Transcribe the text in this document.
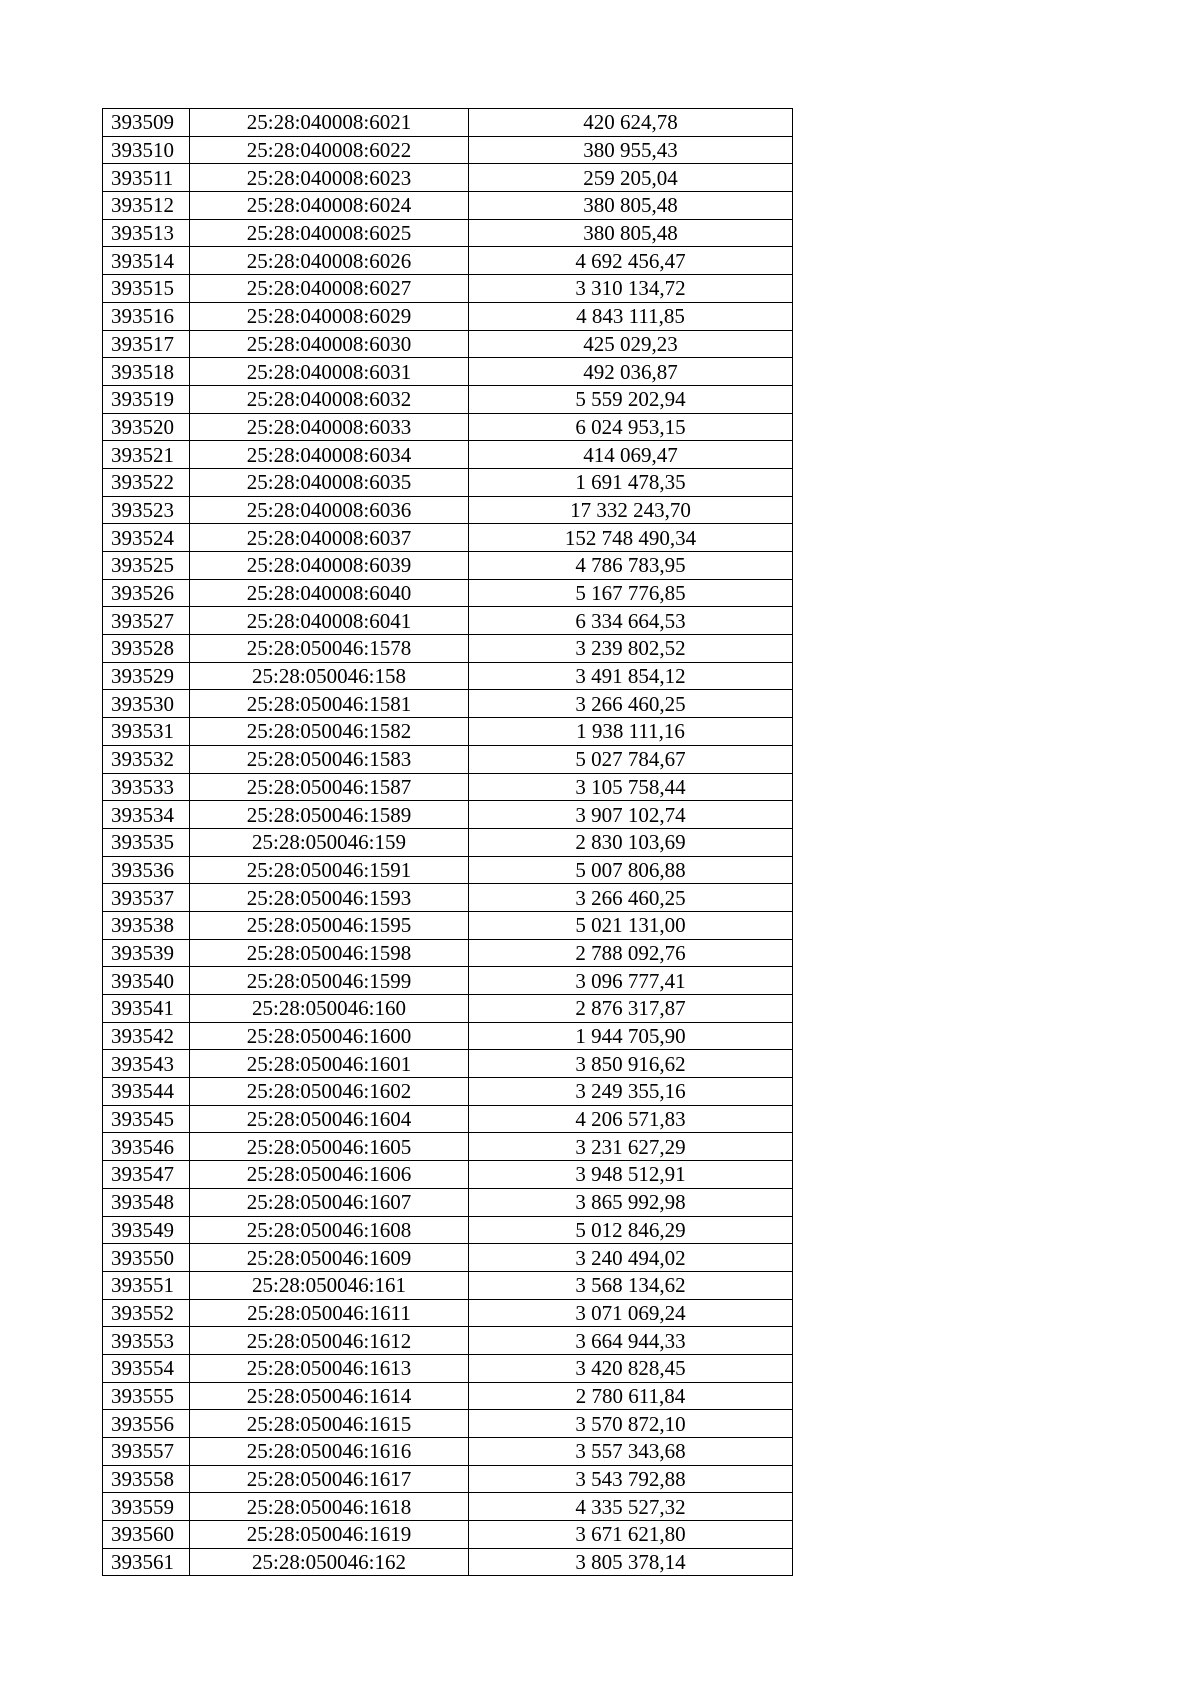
393509	25:28:040008:6021	420 624,78
393510	25:28:040008:6022	380 955,43
393511	25:28:040008:6023	259 205,04
393512	25:28:040008:6024	380 805,48
393513	25:28:040008:6025	380 805,48
393514	25:28:040008:6026	4 692 456,47
393515	25:28:040008:6027	3 310 134,72
393516	25:28:040008:6029	4 843 111,85
393517	25:28:040008:6030	425 029,23
393518	25:28:040008:6031	492 036,87
393519	25:28:040008:6032	5 559 202,94
393520	25:28:040008:6033	6 024 953,15
393521	25:28:040008:6034	414 069,47
393522	25:28:040008:6035	1 691 478,35
393523	25:28:040008:6036	17 332 243,70
393524	25:28:040008:6037	152 748 490,34
393525	25:28:040008:6039	4 786 783,95
393526	25:28:040008:6040	5 167 776,85
393527	25:28:040008:6041	6 334 664,53
393528	25:28:050046:1578	3 239 802,52
393529	25:28:050046:158	3 491 854,12
393530	25:28:050046:1581	3 266 460,25
393531	25:28:050046:1582	1 938 111,16
393532	25:28:050046:1583	5 027 784,67
393533	25:28:050046:1587	3 105 758,44
393534	25:28:050046:1589	3 907 102,74
393535	25:28:050046:159	2 830 103,69
393536	25:28:050046:1591	5 007 806,88
393537	25:28:050046:1593	3 266 460,25
393538	25:28:050046:1595	5 021 131,00
393539	25:28:050046:1598	2 788 092,76
393540	25:28:050046:1599	3 096 777,41
393541	25:28:050046:160	2 876 317,87
393542	25:28:050046:1600	1 944 705,90
393543	25:28:050046:1601	3 850 916,62
393544	25:28:050046:1602	3 249 355,16
393545	25:28:050046:1604	4 206 571,83
393546	25:28:050046:1605	3 231 627,29
393547	25:28:050046:1606	3 948 512,91
393548	25:28:050046:1607	3 865 992,98
393549	25:28:050046:1608	5 012 846,29
393550	25:28:050046:1609	3 240 494,02
393551	25:28:050046:161	3 568 134,62
393552	25:28:050046:1611	3 071 069,24
393553	25:28:050046:1612	3 664 944,33
393554	25:28:050046:1613	3 420 828,45
393555	25:28:050046:1614	2 780 611,84
393556	25:28:050046:1615	3 570 872,10
393557	25:28:050046:1616	3 557 343,68
393558	25:28:050046:1617	3 543 792,88
393559	25:28:050046:1618	4 335 527,32
393560	25:28:050046:1619	3 671 621,80
393561	25:28:050046:162	3 805 378,14
